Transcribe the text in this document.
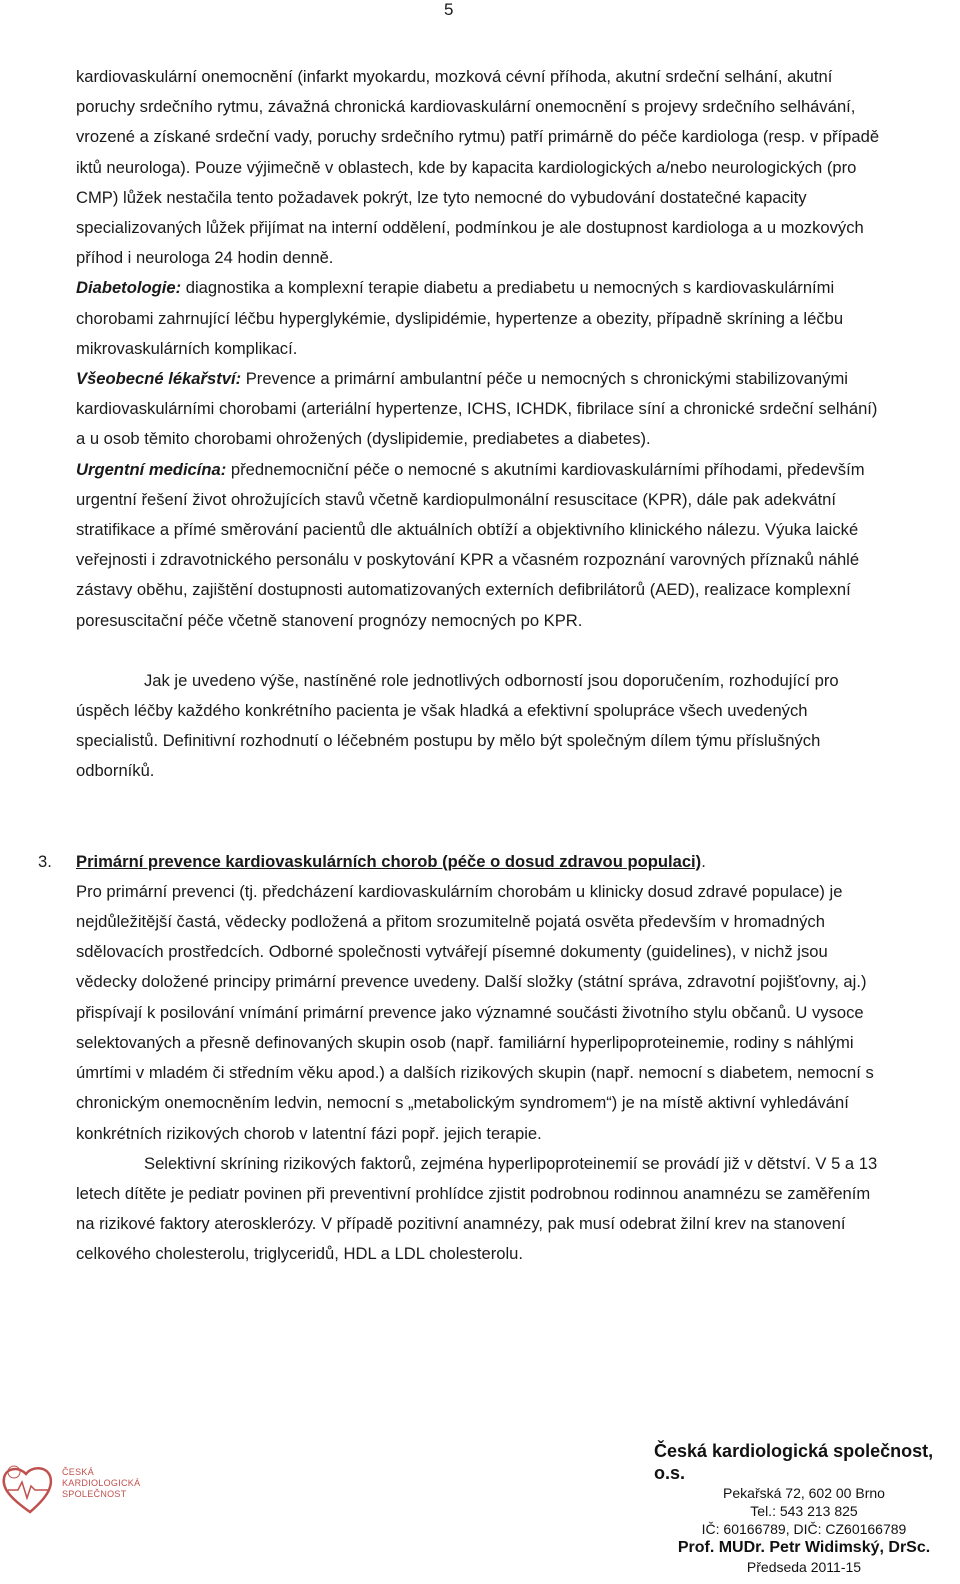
5

kardiovaskulární onemocnění (infarkt myokardu, mozková cévní příhoda, akutní srdeční selhání, akutní poruchy srdečního rytmu, závažná chronická kardiovaskulární onemocnění s projevy srdečního selhávání, vrozené a získané srdeční vady, poruchy srdečního rytmu) patří primárně do péče kardiologa (resp. v případě iktů neurologa). Pouze výjimečně v oblastech, kde by kapacita kardiologických a/nebo neurologických (pro CMP) lůžek nestačila tento požadavek pokrýt, lze tyto nemocné do vybudování dostatečné kapacity specializovaných lůžek přijímat na interní oddělení, podmínkou je ale dostupnost kardiologa a u mozkových příhod i neurologa 24 hodin denně.

Diabetologie: diagnostika a komplexní terapie diabetu a prediabetu u nemocných s kardiovaskulárními chorobami zahrnující léčbu hyperglykémie, dyslipidémie, hypertenze a obezity, případně skríning a léčbu mikrovaskulárních komplikací.

Všeobecné lékařství: Prevence a primární ambulantní péče u nemocných s chronickými stabilizovanými kardiovaskulárními chorobami (arteriální hypertenze, ICHS, ICHDK, fibrilace síní a chronické srdeční selhání) a u osob těmito chorobami ohrožených (dyslipidemie, prediabetes a diabetes).

Urgentní medicína: přednemocniční péče o nemocné s akutními kardiovaskulárními příhodami, především urgentní řešení život ohrožujících stavů včetně kardiopulmonální resuscitace (KPR), dále pak adekvátní stratifikace a přímé směrování pacientů dle aktuálních obtíží a objektivního klinického nálezu. Výuka laické veřejnosti i zdravotnického personálu v poskytování KPR a včasném rozpoznání varovných příznaků náhlé zástavy oběhu, zajištění dostupnosti automatizovaných externích defibrilátorů (AED), realizace komplexní poresuscitační péče včetně stanovení prognózy nemocných po KPR.

Jak je uvedeno výše, nastíněné role jednotlivých odborností jsou doporučením, rozhodující pro úspěch léčby každého konkrétního pacienta je však hladká a efektivní spolupráce všech uvedených specialistů. Definitivní rozhodnutí o léčebném postupu by mělo být společným dílem týmu příslušných odborníků.

3. Primární prevence kardiovaskulárních chorob (péče o dosud zdravou populaci).

Pro primární prevenci (tj. předcházení kardiovaskulárním chorobám u klinicky dosud zdravé populace) je nejdůležitější častá, vědecky podložená a přitom srozumitelně pojatá osvěta především v hromadných sdělovacích prostředcích. Odborné společnosti vytvářejí písemné dokumenty (guidelines), v nichž jsou vědecky doložené principy primární prevence uvedeny. Další složky (státní správa, zdravotní pojišťovny, aj.) přispívají k posilování vnímání primární prevence jako významné součásti životního stylu občanů. U vysoce selektovaných a přesně definovaných skupin osob (např. familiární hyperlipoproteinemie, rodiny s náhlými úmrtími v mladém či středním věku apod.) a dalších rizikových skupin (např. nemocní s diabetem, nemocní s chronickým onemocněním ledvin, nemocní s „metabolickým syndromem“) je na místě aktivní vyhledávání konkrétních rizikových chorob v latentní fázi popř. jejich terapie.

Selektivní skríning rizikových faktorů, zejména hyperlipoproteinemií se provádí již v dětství. V 5 a 13 letech dítěte je pediatr povinen při preventivní prohlídce zjistit podrobnou rodinnou anamnézu se zaměřením na rizikové faktory aterosklerózy. V případě pozitivní anamnézy, pak musí odebrat žilní krev na stanovení celkového cholesterolu, triglyceridů, HDL a LDL cholesterolu.

ČESKÁ
KARDIOLOGICKÁ
SPOLEČNOST
Česká kardiologická společnost, o.s.
Pekařská 72, 602 00 Brno
Tel.: 543 213 825
IČ: 60166789, DIČ: CZ60166789
Prof. MUDr. Petr Widimský, DrSc.
Předseda 2011-15
